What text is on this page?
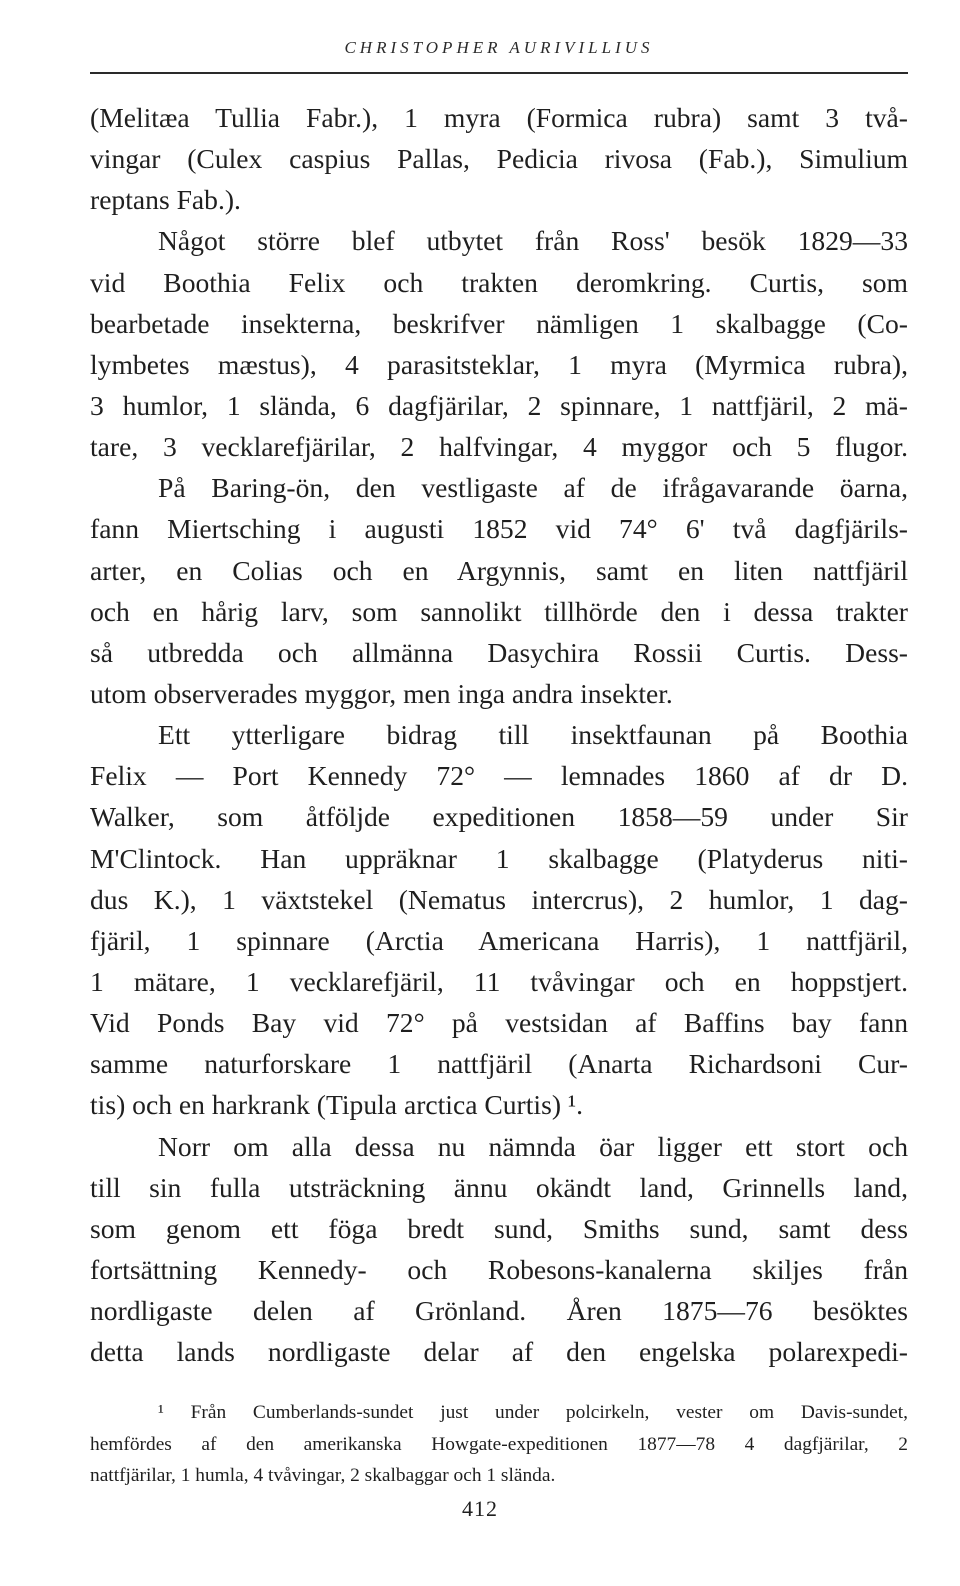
CHRISTOPHER AURIVILLIUS
(Melitæa Tullia Fabr.), 1 myra (Formica rubra) samt 3 två-
vingar (Culex caspius Pallas, Pedicia rivosa (Fab.), Simulium
reptans Fab.).
Något större blef utbytet från Ross' besök 1829—33
vid Boothia Felix och trakten deromkring. Curtis, som
bearbetade insekterna, beskrifver nämligen 1 skalbagge (Co-
lymbetes mæstus), 4 parasitsteklar, 1 myra (Myrmica rubra),
3 humlor, 1 slända, 6 dagfjärilar, 2 spinnare, 1 nattfjäril, 2 mä-
tare, 3 vecklarefjärilar, 2 halfvingar, 4 myggor och 5 flugor.
På Baring-ön, den vestligaste af de ifrågavarande öarna,
fann Miertsching i augusti 1852 vid 74° 6' två dagfjärils-
arter, en Colias och en Argynnis, samt en liten nattfjäril
och en hårig larv, som sannolikt tillhörde den i dessa trakter
så utbredda och allmänna Dasychira Rossii Curtis. Dess-
utom observerades myggor, men inga andra insekter.
Ett ytterligare bidrag till insektfaunan på Boothia
Felix — Port Kennedy 72° — lemnades 1860 af dr D.
Walker, som åtföljde expeditionen 1858—59 under Sir
M'Clintock. Han uppräknar 1 skalbagge (Platyderus niti-
dus K.), 1 växtstekel (Nematus intercrus), 2 humlor, 1 dag-
fjäril, 1 spinnare (Arctia Americana Harris), 1 nattfjäril,
1 mätare, 1 vecklarefjäril, 11 tvåvingar och en hoppstjert.
Vid Ponds Bay vid 72° på vestsidan af Baffins bay fann
samme naturforskare 1 nattfjäril (Anarta Richardsoni Cur-
tis) och en harkrank (Tipula arctica Curtis) ¹.
Norr om alla dessa nu nämnda öar ligger ett stort och
till sin fulla utsträckning ännu okändt land, Grinnells land,
som genom ett föga bredt sund, Smiths sund, samt dess
fortsättning Kennedy- och Robesons-kanalerna skiljes från
nordligaste delen af Grönland. Åren 1875—76 besöktes
detta lands nordligaste delar af den engelska polarexpedi-
¹ Från Cumberlands-sundet just under polcirkeln, vester om Davis-sundet,
hemfördes af den amerikanska Howgate-expeditionen 1877—78 4 dagfjärilar, 2
nattfjärilar, 1 humla, 4 tvåvingar, 2 skalbaggar och 1 slända.
412
